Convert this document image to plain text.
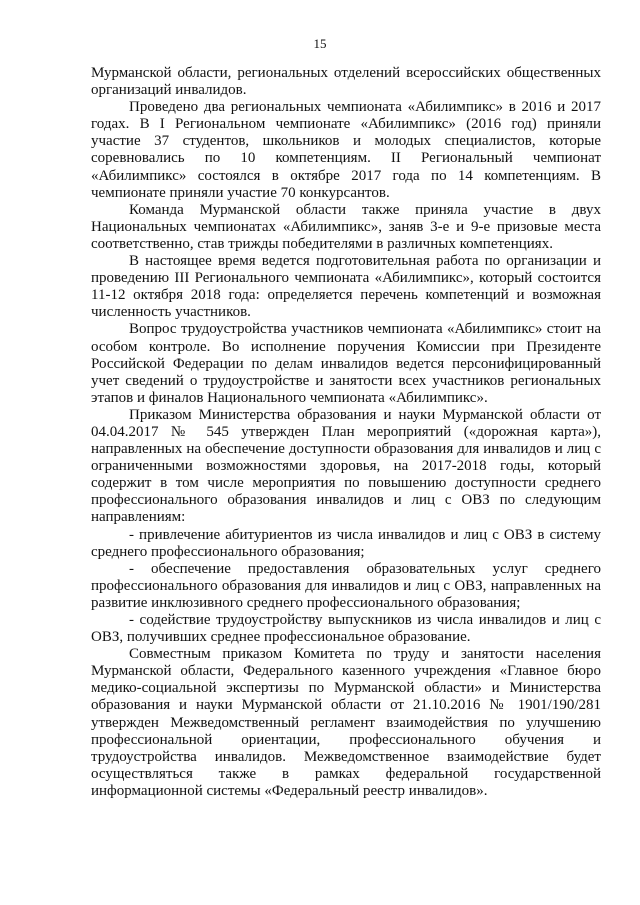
15

Мурманской области, региональных отделений всероссийских общественных организаций инвалидов.

Проведено два региональных чемпионата «Абилимпикс» в 2016 и 2017 годах. В I Региональном чемпионате «Абилимпикс» (2016 год) приняли участие 37 студентов, школьников и молодых специалистов, которые соревновались по 10 компетенциям. II Региональный чемпионат «Абилимпикс» состоялся в октябре 2017 года по 14 компетенциям. В чемпионате приняли участие 70 конкурсантов.

Команда Мурманской области также приняла участие в двух Национальных чемпионатах «Абилимпикс», заняв 3-е и 9-е призовые места соответственно, став трижды победителями в различных компетенциях.

В настоящее время ведется подготовительная работа по организации и проведению III Регионального чемпионата «Абилимпикс», который состоится 11-12 октября 2018 года: определяется перечень компетенций и возможная численность участников.

Вопрос трудоустройства участников чемпионата «Абилимпикс» стоит на особом контроле. Во исполнение поручения Комиссии при Президенте Российской Федерации по делам инвалидов ведется персонифицированный учет сведений о трудоустройстве и занятости всех участников региональных этапов и финалов Национального чемпионата «Абилимпикс».

Приказом Министерства образования и науки Мурманской области от 04.04.2017 № 545 утвержден План мероприятий («дорожная карта»), направленных на обеспечение доступности образования для инвалидов и лиц с ограниченными возможностями здоровья, на 2017-2018 годы, который содержит в том числе мероприятия по повышению доступности среднего профессионального образования инвалидов и лиц с ОВЗ по следующим направлениям:

- привлечение абитуриентов из числа инвалидов и лиц с ОВЗ в систему среднего профессионального образования;

- обеспечение предоставления образовательных услуг среднего профессионального образования для инвалидов и лиц с ОВЗ, направленных на развитие инклюзивного среднего профессионального образования;

- содействие трудоустройству выпускников из числа инвалидов и лиц с ОВЗ, получивших среднее профессиональное образование.

Совместным приказом Комитета по труду и занятости населения Мурманской области, Федерального казенного учреждения «Главное бюро медико-социальной экспертизы по Мурманской области» и Министерства образования и науки Мурманской области от 21.10.2016 № 1901/190/281 утвержден Межведомственный регламент взаимодействия по улучшению профессиональной ориентации, профессионального обучения и трудоустройства инвалидов. Межведомственное взаимодействие будет осуществляться также в рамках федеральной государственной информационной системы «Федеральный реестр инвалидов».
